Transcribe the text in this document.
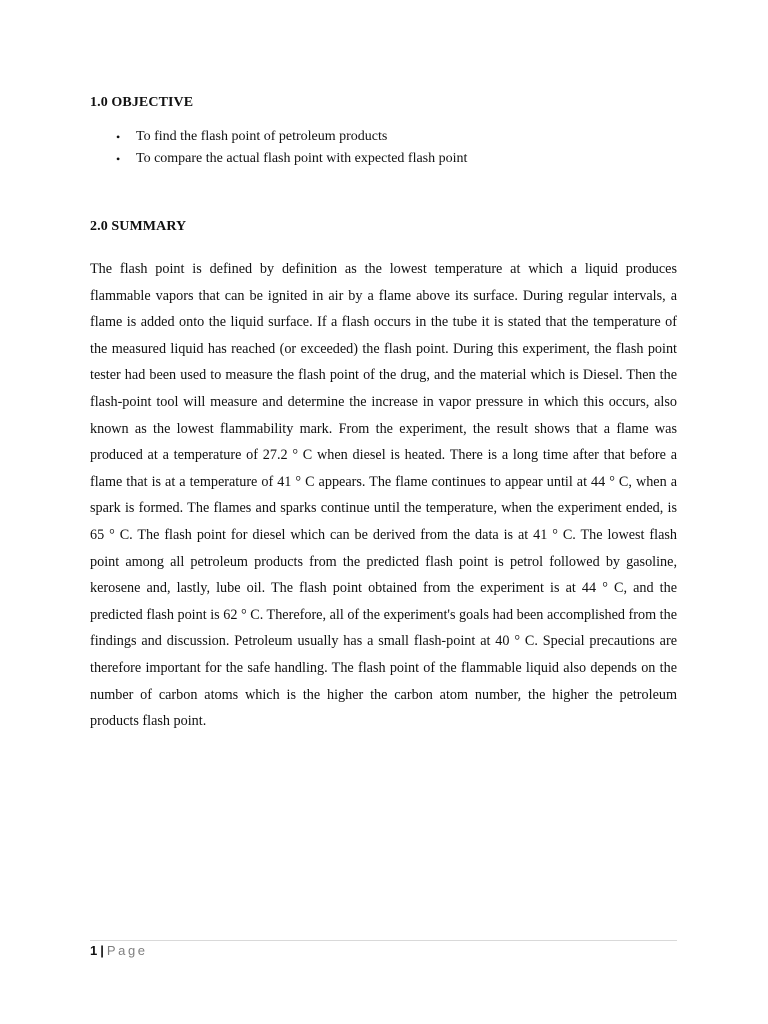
1.0 OBJECTIVE
• To find the flash point of petroleum products
• To compare the actual flash point with expected flash point
2.0 SUMMARY

The flash point is defined by definition as the lowest temperature at which a liquid produces flammable vapors that can be ignited in air by a flame above its surface. During regular intervals, a flame is added onto the liquid surface. If a flash occurs in the tube it is stated that the temperature of the measured liquid has reached (or exceeded) the flash point. During this experiment, the flash point tester had been used to measure the flash point of the drug, and the material which is Diesel. Then the flash-point tool will measure and determine the increase in vapor pressure in which this occurs, also known as the lowest flammability mark. From the experiment, the result shows that a flame was produced at a temperature of 27.2 ° C when diesel is heated. There is a long time after that before a flame that is at a temperature of 41 ° C appears. The flame continues to appear until at 44 ° C, when a spark is formed. The flames and sparks continue until the temperature, when the experiment ended, is 65 ° C. The flash point for diesel which can be derived from the data is at 41 ° C. The lowest flash point among all petroleum products from the predicted flash point is petrol followed by gasoline, kerosene and, lastly, lube oil. The flash point obtained from the experiment is at 44 ° C, and the predicted flash point is 62 ° C. Therefore, all of the experiment's goals had been accomplished from the findings and discussion. Petroleum usually has a small flash-point at 40 ° C. Special precautions are therefore important for the safe handling. The flash point of the flammable liquid also depends on the number of carbon atoms which is the higher the carbon atom number, the higher the petroleum products flash point.

1 | Page
